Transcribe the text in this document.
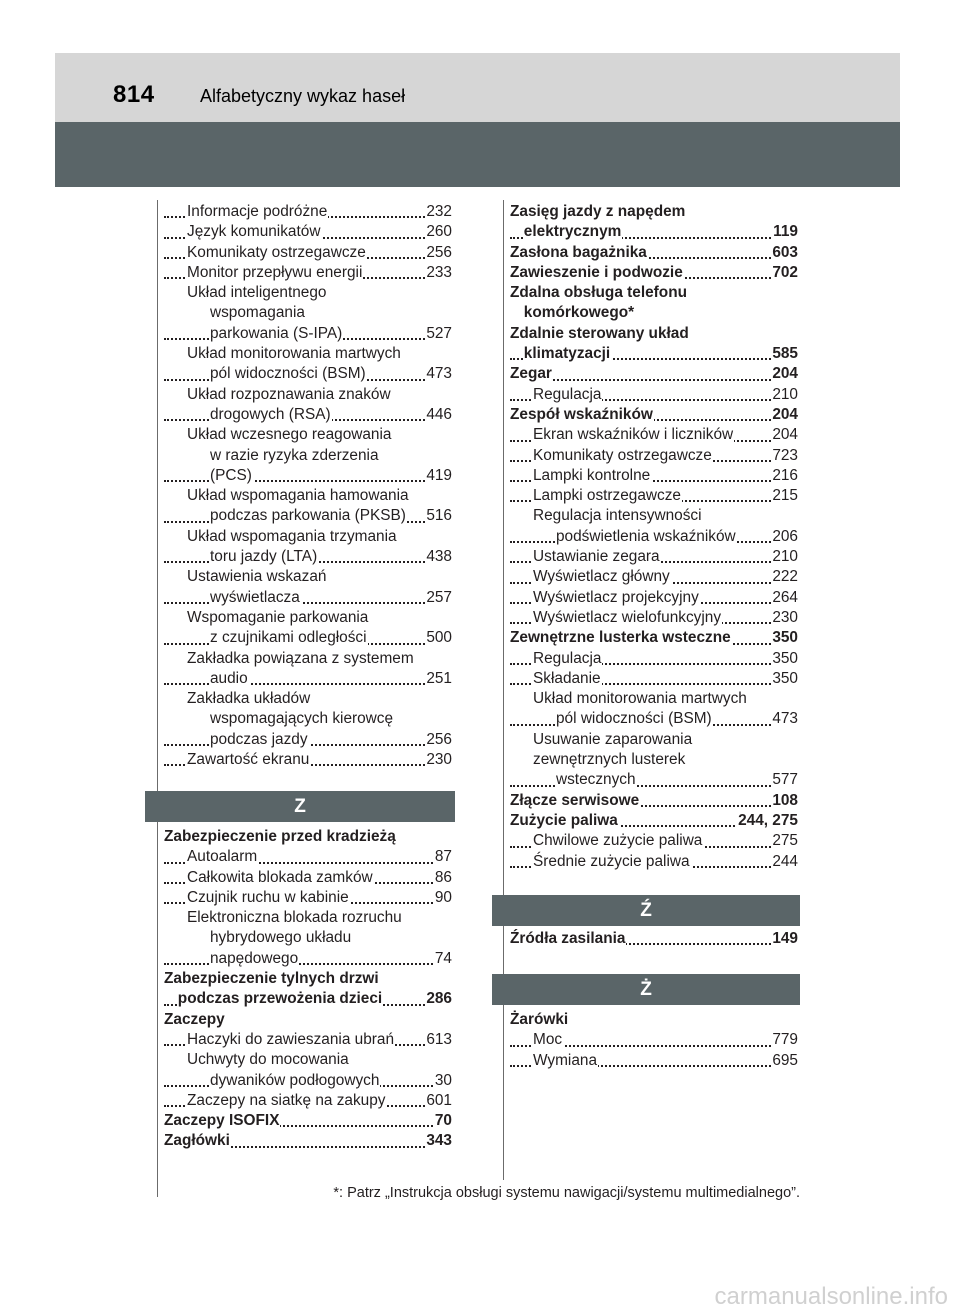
814	Alfabetyczny wykaz haseł
Informacje podróżne	232
Język komunikatów	260
Komunikaty ostrzegawcze	256
Monitor przepływu energii	233
Układ inteligentnego
wspomagania
parkowania (S-IPA)	527
Układ monitorowania martwych
pól widoczności (BSM)	473
Układ rozpoznawania znaków
drogowych (RSA)	446
Układ wczesnego reagowania
w razie ryzyka zderzenia
(PCS)	419
Układ wspomagania hamowania
podczas parkowania (PKSB) 516
Układ wspomagania trzymania
toru jazdy (LTA)	438
Ustawienia wskazań
wyświetlacza	257
Wspomaganie parkowania
z czujnikami odległości	500
Zakładka powiązana z systemem
audio	251
Zakładka układów
wspomagających kierowcę
podczas jazdy	256
Zawartość ekranu	230
Z
Zabezpieczenie przed kradzieżą
Autoalarm	87
Całkowita blokada zamków	86
Czujnik ruchu w kabinie	90
Elektroniczna blokada rozruchu
hybrydowego układu
napędowego	74
Zabezpieczenie tylnych drzwi
podczas przewożenia dzieci	286
Zaczepy
Haczyki do zawieszania ubrań 613
Uchwyty do mocowania
dywaników podłogowych	30
Zaczepy na siatkę na zakupy	601
Zaczepy ISOFIX	70
Zagłówki	343
Zasięg jazdy z napędem
elektrycznym	119
Zasłona bagażnika	603
Zawieszenie i podwozie	702
Zdalna obsługa telefonu
komórkowego*
Zdalnie sterowany układ
klimatyzacji	585
Zegar	204
Regulacja	210
Zespół wskaźników	204
Ekran wskaźników i liczników	204
Komunikaty ostrzegawcze	723
Lampki kontrolne	216
Lampki ostrzegawcze	215
Regulacja intensywności
podświetlenia wskaźników 206
Ustawianie zegara	210
Wyświetlacz główny	222
Wyświetlacz projekcyjny	264
Wyświetlacz wielofunkcyjny	230
Zewnętrzne lusterka wsteczne	350
Regulacja	350
Składanie	350
Układ monitorowania martwych
pól widoczności (BSM)	473
Usuwanie zaparowania
zewnętrznych lusterek
wstecznych	577
Złącze serwisowe	108
Zużycie paliwa	244, 275
Chwilowe zużycie paliwa	275
Średnie zużycie paliwa	244
Ź
Źródła zasilania	149
Ż
Żarówki
Moc	779
Wymiana	695
*: Patrz „Instrukcja obsługi systemu nawigacji/systemu multimedialnego”.
carmanualsonline.info
